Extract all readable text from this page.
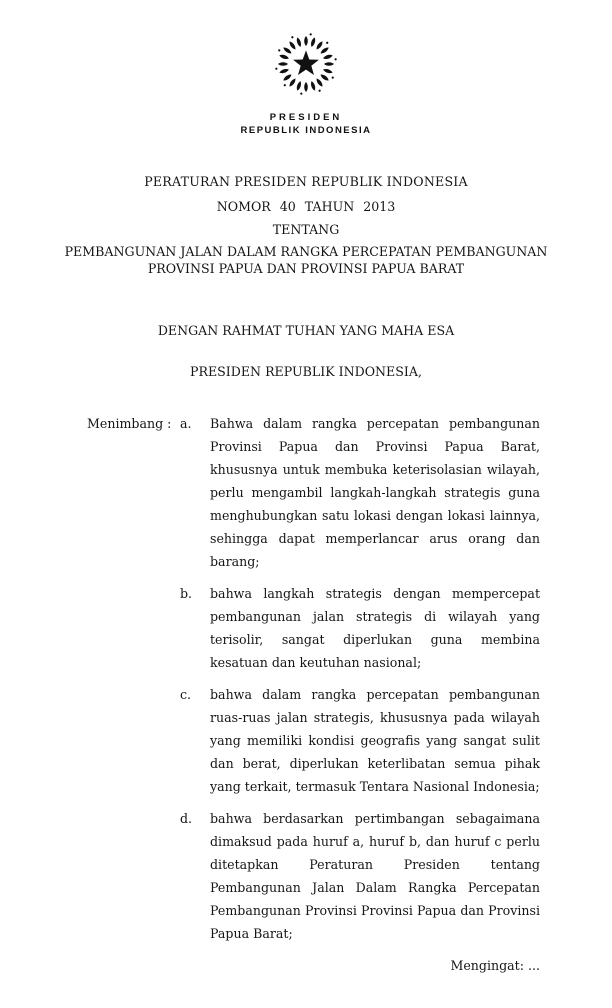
PRESIDEN
REPUBLIK INDONESIA
PERATURAN PRESIDEN REPUBLIK INDONESIA
NOMOR 40 TAHUN 2013
TENTANG
PEMBANGUNAN JALAN DALAM RANGKA PERCEPATAN PEMBANGUNAN
PROVINSI PAPUA DAN PROVINSI PAPUA BARAT
DENGAN RAHMAT TUHAN YANG MAHA ESA
PRESIDEN REPUBLIK INDONESIA,
Menimbang : a.	Bahwa dalam rangka percepatan pembangunan Provinsi Papua dan Provinsi Papua Barat, khususnya untuk membuka keterisolasian wilayah, perlu mengambil langkah-langkah strategis guna menghubungkan satu lokasi dengan lokasi lainnya, sehingga dapat memperlancar arus orang dan barang;
b.	bahwa langkah strategis dengan mempercepat pembangunan jalan strategis di wilayah yang terisolir, sangat diperlukan guna membina kesatuan dan keutuhan nasional;
c.	bahwa dalam rangka percepatan pembangunan ruas-ruas jalan strategis, khususnya pada wilayah yang memiliki kondisi geografis yang sangat sulit dan berat, diperlukan keterlibatan semua pihak yang terkait, termasuk Tentara Nasional Indonesia;
d.	bahwa berdasarkan pertimbangan sebagaimana dimaksud pada huruf a, huruf b, dan huruf c perlu ditetapkan Peraturan Presiden tentang Pembangunan Jalan Dalam Rangka Percepatan Pembangunan Provinsi Provinsi Papua dan Provinsi Papua Barat;
Mengingat: ...
